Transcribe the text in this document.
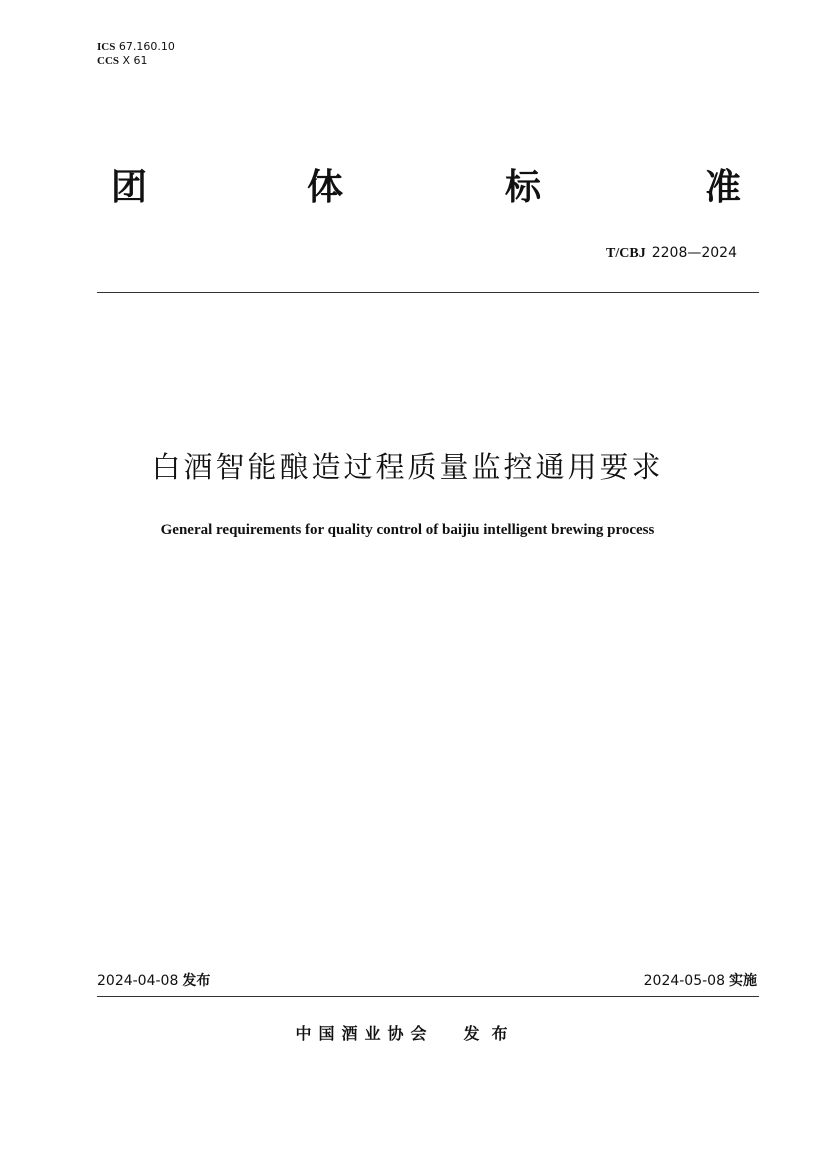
ICS 67.160.10
CCS X 61
团	体	标	准
T/CBJ 2208—2024
白酒智能酿造过程质量监控通用要求
General requirements for quality control of baijiu intelligent brewing process
2024-04-08 发布	2024-05-08 实施
中国酒业协会 发布
